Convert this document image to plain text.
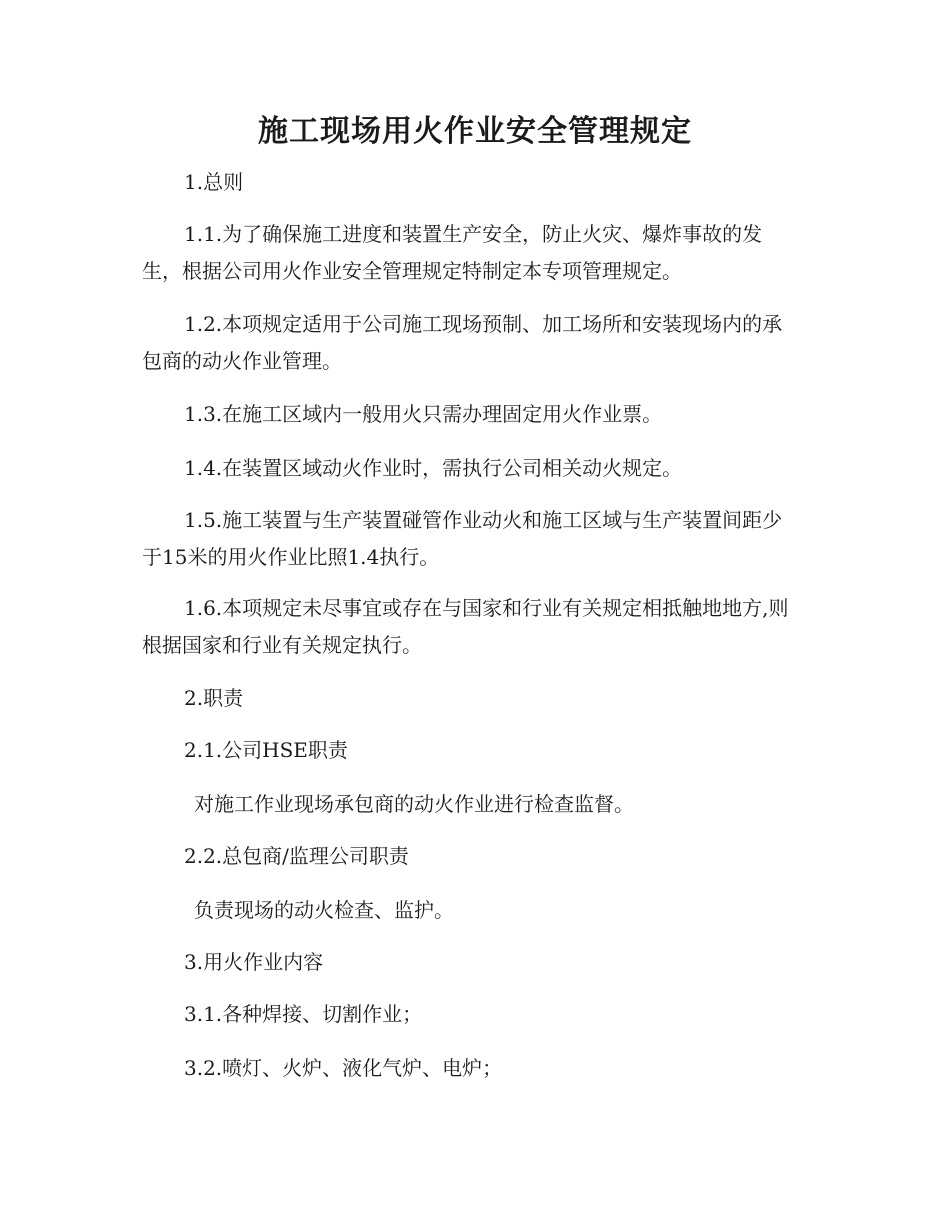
施工现场用火作业安全管理规定

1.总则

1.1.为了确保施工进度和装置生产安全，防止火灾、爆炸事故的发生，根据公司用火作业安全管理规定特制定本专项管理规定。

1.2.本项规定适用于公司施工现场预制、加工场所和安装现场内的承包商的动火作业管理。

1.3.在施工区域内一般用火只需办理固定用火作业票。

1.4.在装置区域动火作业时，需执行公司相关动火规定。

1.5.施工装置与生产装置碰管作业动火和施工区域与生产装置间距少于15米的用火作业比照1.4执行。

1.6.本项规定未尽事宜或存在与国家和行业有关规定相抵触地地方,则根据国家和行业有关规定执行。

2.职责

2.1.公司HSE职责

对施工作业现场承包商的动火作业进行检查监督。

2.2.总包商/监理公司职责

负责现场的动火检查、监护。

3.用火作业内容

3.1.各种焊接、切割作业；

3.2.喷灯、火炉、液化气炉、电炉；
